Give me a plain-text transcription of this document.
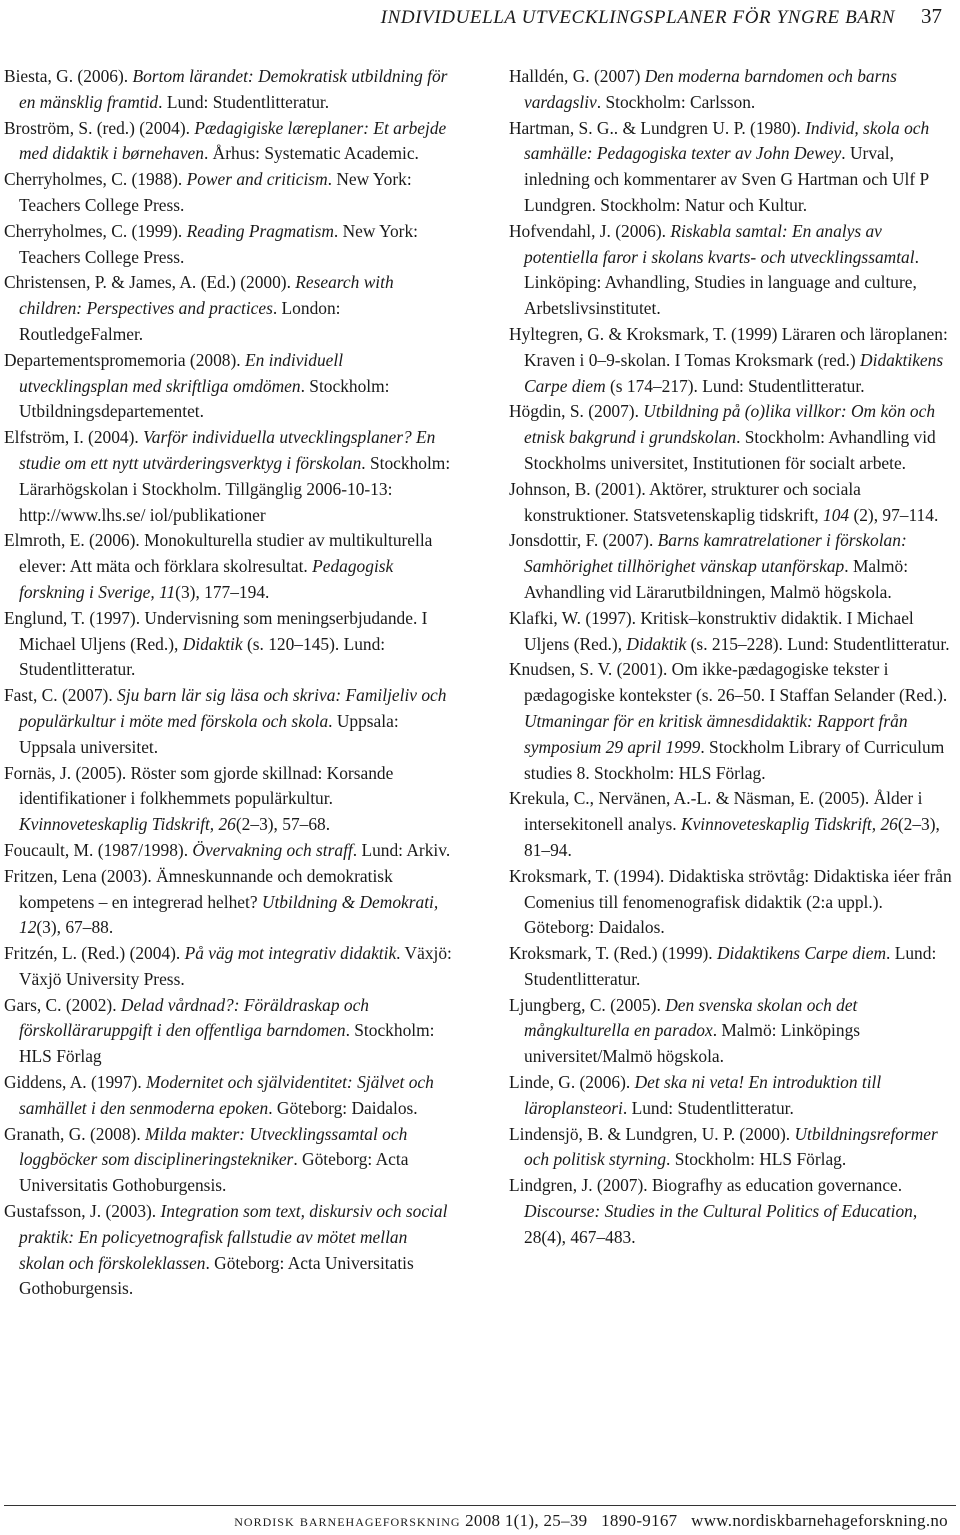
INDIVIDUELLA UTVECKLINGSPLANER FÖR YNGRE BARN 37
Biesta, G. (2006). Bortom lärandet: Demokratisk utbildning för en mänsklig framtid. Lund: Studentlitteratur.
Broström, S. (red.) (2004). Pædagigiske læreplaner: Et arbejde med didaktik i børnehaven. Århus: Systematic Academic.
Cherryholmes, C. (1988). Power and criticism. New York: Teachers College Press.
Cherryholmes, C. (1999). Reading Pragmatism. New York: Teachers College Press.
Christensen, P. & James, A. (Ed.) (2000). Research with children: Perspectives and practices. London: RoutledgeFalmer.
Departementspromemoria (2008). En individuell utvecklingsplan med skriftliga omdömen. Stockholm: Utbildningsdepartementet.
Elfström, I. (2004). Varför individuella utvecklingsplaner? En studie om ett nytt utvärderingsverktyg i förskolan. Stockholm: Lärarhögskolan i Stockholm. Tillgänglig 2006-10-13: http://www.lhs.se/ iol/publikationer
Elmroth, E. (2006). Monokulturella studier av multikulturella elever: Att mäta och förklara skolresultat. Pedagogisk forskning i Sverige, 11(3), 177–194.
Englund, T. (1997). Undervisning som meningserbjudande. I Michael Uljens (Red.), Didaktik (s. 120–145). Lund: Studentlitteratur.
Fast, C. (2007). Sju barn lär sig läsa och skriva: Familjeliv och populärkultur i möte med förskola och skola. Uppsala: Uppsala universitet.
Fornäs, J. (2005). Röster som gjorde skillnad: Korsande identifikationer i folkhemmets populärkultur. Kvinnoveteskaplig Tidskrift, 26(2–3), 57–68.
Foucault, M. (1987/1998). Övervakning och straff. Lund: Arkiv.
Fritzen, Lena (2003). Ämneskunnande och demokratisk kompetens – en integrerad helhet? Utbildning & Demokrati, 12(3), 67–88.
Fritzén, L. (Red.) (2004). På väg mot integrativ didaktik. Växjö: Växjö University Press.
Gars, C. (2002). Delad vårdnad?: Föräldraskap och förskolläraruppgift i den offentliga barndomen. Stockholm: HLS Förlag
Giddens, A. (1997). Modernitet och självidentitet: Självet och samhället i den senmoderna epoken. Göteborg: Daidalos.
Granath, G. (2008). Milda makter: Utvecklingssamtal och loggböcker som disciplineringstekniker. Göteborg: Acta Universitatis Gothoburgensis.
Gustafsson, J. (2003). Integration som text, diskursiv och social praktik: En policyetnografisk fallstudie av mötet mellan skolan och förskoleklassen. Göteborg: Acta Universitatis Gothoburgensis.
Halldén, G. (2007) Den moderna barndomen och barns vardagsliv. Stockholm: Carlsson.
Hartman, S. G.. & Lundgren U. P. (1980). Individ, skola och samhälle: Pedagogiska texter av John Dewey. Urval, inledning och kommentarer av Sven G Hartman och Ulf P Lundgren. Stockholm: Natur och Kultur.
Hofvendahl, J. (2006). Riskabla samtal: En analys av potentiella faror i skolans kvarts- och utvecklingssamtal. Linköping: Avhandling, Studies in language and culture, Arbetslivsinstitutet.
Hyltegren, G. & Kroksmark, T. (1999) Läraren och läroplanen: Kraven i 0–9-skolan. I Tomas Kroksmark (red.) Didaktikens Carpe diem (s 174–217). Lund: Studentlitteratur.
Högdin, S. (2007). Utbildning på (o)lika villkor: Om kön och etnisk bakgrund i grundskolan. Stockholm: Avhandling vid Stockholms universitet, Institutionen för socialt arbete.
Johnson, B. (2001). Aktörer, strukturer och sociala konstruktioner. Statsvetenskaplig tidskrift, 104 (2), 97–114.
Jonsdottir, F. (2007). Barns kamratrelationer i förskolan: Samhörighet tillhörighet vänskap utanförskap. Malmö: Avhandling vid Lärarutbildningen, Malmö högskola.
Klafki, W. (1997). Kritisk–konstruktiv didaktik. I Michael Uljens (Red.), Didaktik (s. 215–228). Lund: Studentlitteratur.
Knudsen, S. V. (2001). Om ikke-pædagogiske tekster i pædagogiske kontekster (s. 26–50. I Staffan Selander (Red.). Utmaningar för en kritisk ämnesdidaktik: Rapport från symposium 29 april 1999. Stockholm Library of Curriculum studies 8. Stockholm: HLS Förlag.
Krekula, C., Nervänen, A.-L. & Näsman, E. (2005). Ålder i intersekitonell analys. Kvinnoveteskaplig Tidskrift, 26(2–3), 81–94.
Kroksmark, T. (1994). Didaktiska strövtåg: Didaktiska iéer från Comenius till fenomenografisk didaktik (2:a uppl.). Göteborg: Daidalos.
Kroksmark, T. (Red.) (1999). Didaktikens Carpe diem. Lund: Studentlitteratur.
Ljungberg, C. (2005). Den svenska skolan och det mångkulturella en paradox. Malmö: Linköpings universitet/Malmö högskola.
Linde, G. (2006). Det ska ni veta! En introduktion till läroplansteori. Lund: Studentlitteratur.
Lindensjö, B. & Lundgren, U. P. (2000). Utbildningsreformer och politisk styrning. Stockholm: HLS Förlag.
Lindgren, J. (2007). Biografhy as education governance. Discourse: Studies in the Cultural Politics of Education, 28(4), 467–483.
nordisk barnehageforskning 2008 1(1), 25–39 1890-9167 www.nordiskbarnehageforskning.no
